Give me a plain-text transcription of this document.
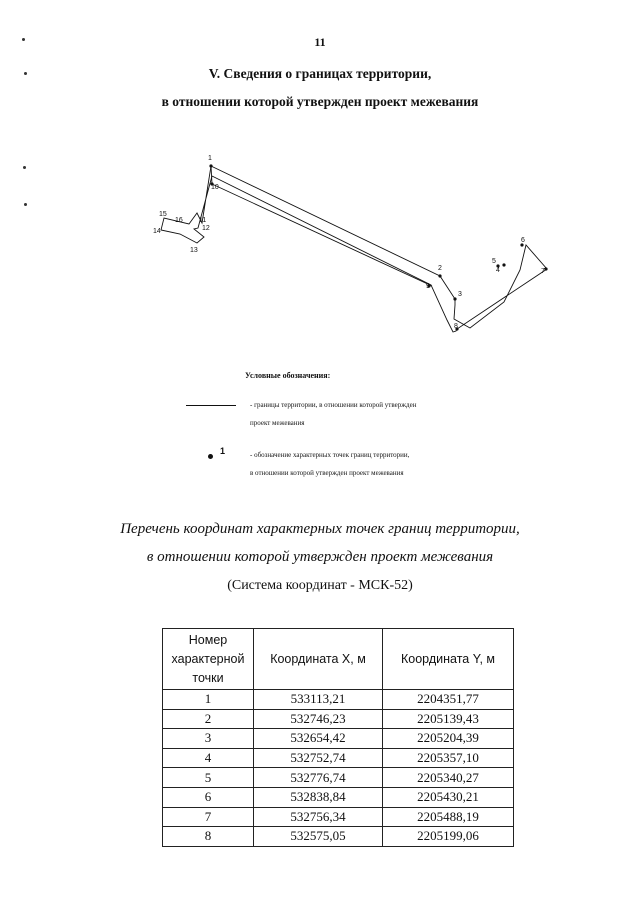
11
V. Сведения о границах территории,
в отношении которой утвержден проект межевания
1
2
3
4
5
6
7
8
9
10
11
12
13
14
15
16
Условные обозначения:
- границы территории, в отношении которой утвержден
проект межевания
1	- обозначение характерных точек границ территории,
в отношении которой утвержден проект межевания
Перечень координат характерных точек границ территории,
в отношении которой утвержден проект межевания
(Система координат - МСК-52)
Номер характерной точки	Координата X, м	Координата Y, м
1	533113,21	2204351,77
2	532746,23	2205139,43
3	532654,42	2205204,39
4	532752,74	2205357,10
5	532776,74	2205340,27
6	532838,84	2205430,21
7	532756,34	2205488,19
8	532575,05	2205199,06
